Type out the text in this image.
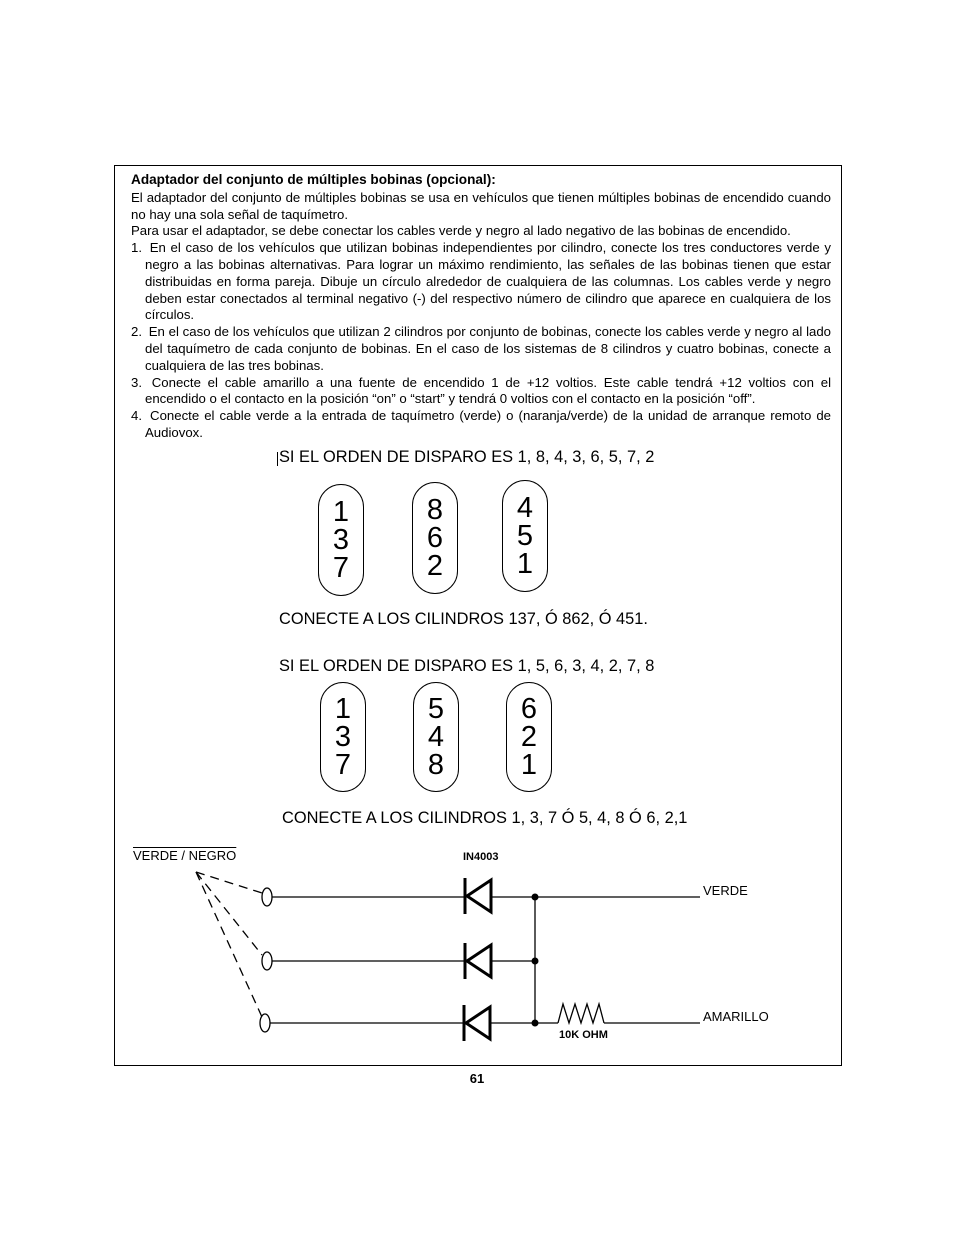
Adaptador del conjunto de múltiples bobinas (opcional):

El adaptador del conjunto de múltiples bobinas se usa en vehículos que tienen múltiples bobinas de encendido cuando no hay una sola señal de taquímetro.

Para usar el adaptador, se debe conectar los cables verde y negro al lado negativo de las bobinas de encendido.

1. En el caso de los vehículos que utilizan bobinas independientes por cilindro, conecte los tres conductores verde y negro a las bobinas alternativas. Para lograr un máximo rendimiento, las señales de las bobinas tienen que estar distribuidas en forma pareja. Dibuje un círculo alrededor de cualquiera de las columnas. Los cables verde y negro deben estar conectados al terminal negativo (-) del respectivo número de cilindro que aparece en cualquiera de los círculos.
2. En el caso de los vehículos que utilizan 2 cilindros por conjunto de bobinas, conecte los cables verde y negro al lado del taquímetro de cada conjunto de bobinas. En el caso de los sistemas de 8 cilindros y cuatro bobinas, conecte a cualquiera de las tres bobinas.
3. Conecte el cable amarillo a una fuente de encendido 1 de +12 voltios. Este cable tendrá +12 voltios con el encendido o el contacto en la posición “on” o “start” y tendrá 0 voltios con el contacto en la posición “off”.
4. Conecte el cable verde a la entrada de taquímetro (verde) o (naranja/verde) de la unidad de arranque remoto de Audiovox.
SI EL ORDEN DE DISPARO ES 1, 8, 4, 3, 6, 5, 7, 2
1
3
7
8
6
2
4
5
1
CONECTE A LOS CILINDROS 137, Ó 862, Ó 451.
SI EL ORDEN DE DISPARO ES 1, 5, 6, 3, 4, 2, 7, 8
1
3
7
5
4
8
6
2
1
CONECTE A LOS CILINDROS 1, 3, 7 Ó 5, 4, 8 Ó 6, 2,1
VERDE / NEGRO	IN4003
VERDE
AMARILLO
10K OHM
61
